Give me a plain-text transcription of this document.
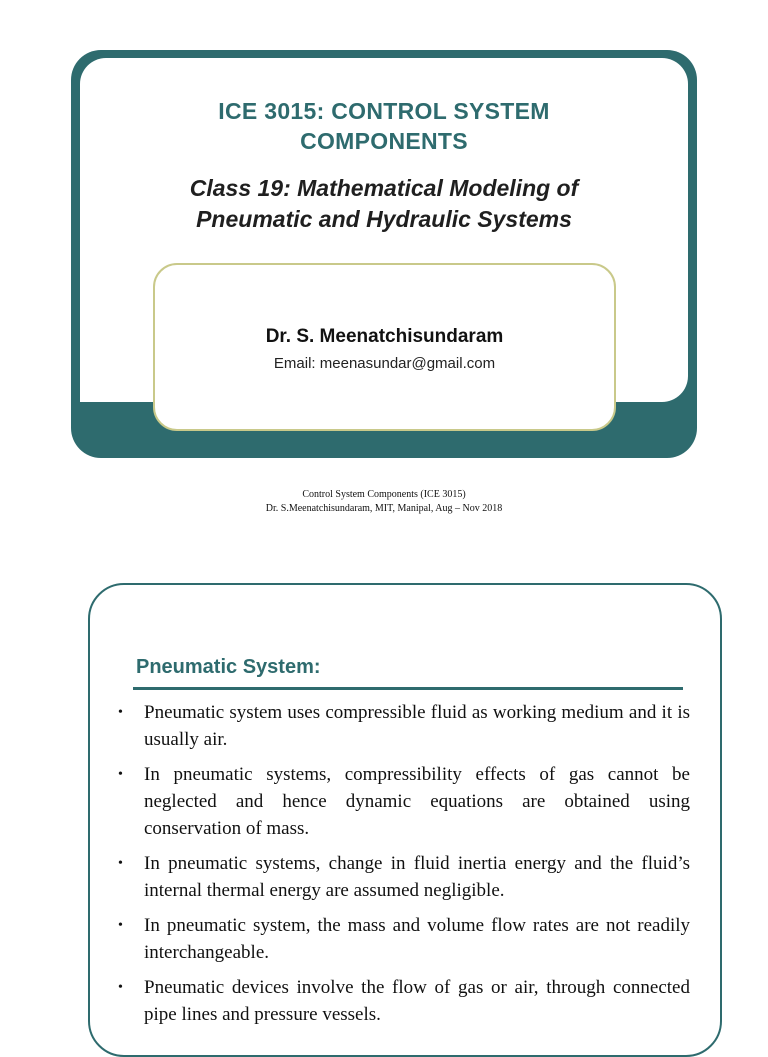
ICE 3015: CONTROL SYSTEM
COMPONENTS
Class 19: Mathematical Modeling of
Pneumatic and Hydraulic Systems

Dr. S. Meenatchisundaram

Email: meenasundar@gmail.com

Control System Components (ICE 3015)
Dr. S.Meenatchisundaram, MIT, Manipal, Aug – Nov 2018
Pneumatic System:
• Pneumatic system uses compressible fluid as working medium and it is usually air.
• In pneumatic systems, compressibility effects of gas cannot be neglected and hence dynamic equations are obtained using conservation of mass.
• In pneumatic systems, change in fluid inertia energy and the fluid’s internal thermal energy are assumed negligible.
• In pneumatic system, the mass and volume flow rates are not readily interchangeable.
• Pneumatic devices involve the flow of gas or air, through connected pipe lines and pressure vessels.
